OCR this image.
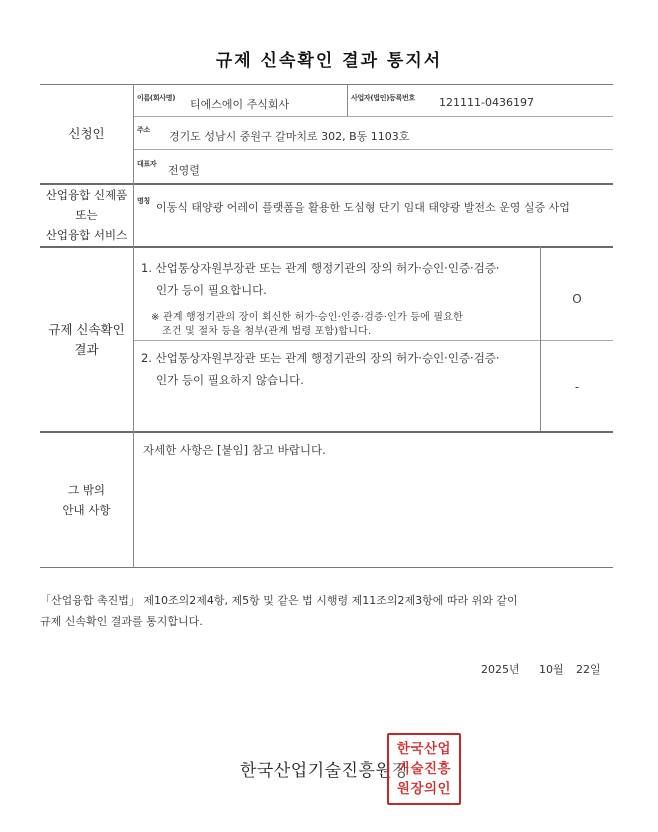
규제 신속확인 결과 통지서
신청인
이름(회사명) 티에스에이 주식회사	사업자(법인)등록번호 121111-0436197
주소 경기도 성남시 중원구 갈마치로 302, B동 1103호
대표자 전영렬
산업융합 신제품
또는
산업융합 서비스
명칭 이동식 태양광 어레이 플랫폼을 활용한 도심형 단기 임대 태양광 발전소 운영 실증 사업
규제 신속확인
결과
1. 산업통상자원부장관 또는 관계 행정기관의 장의 허가·승인·인증·검증·
인가 등이 필요합니다.
※ 관계 행정기관의 장이 회신한 허가·승인·인증·검증·인가 등에 필요한
조건 및 절차 등을 첨부(관계 법령 포함)합니다.
O
2. 산업통상자원부장관 또는 관계 행정기관의 장의 허가·승인·인증·검증·
인가 등이 필요하지 않습니다.	-
그 밖의
안내 사항
자세한 사항은 [붙임] 참고 바랍니다.
「산업융합 촉진법」 제10조의2제4항, 제5항 및 같은 법 시행령 제11조의2제3항에 따라 위와 같이
규제 신속확인 결과를 통지합니다.
2025년 10월 22일
한국산업기술진흥원장
한국산업
기술진흥
원장의인
